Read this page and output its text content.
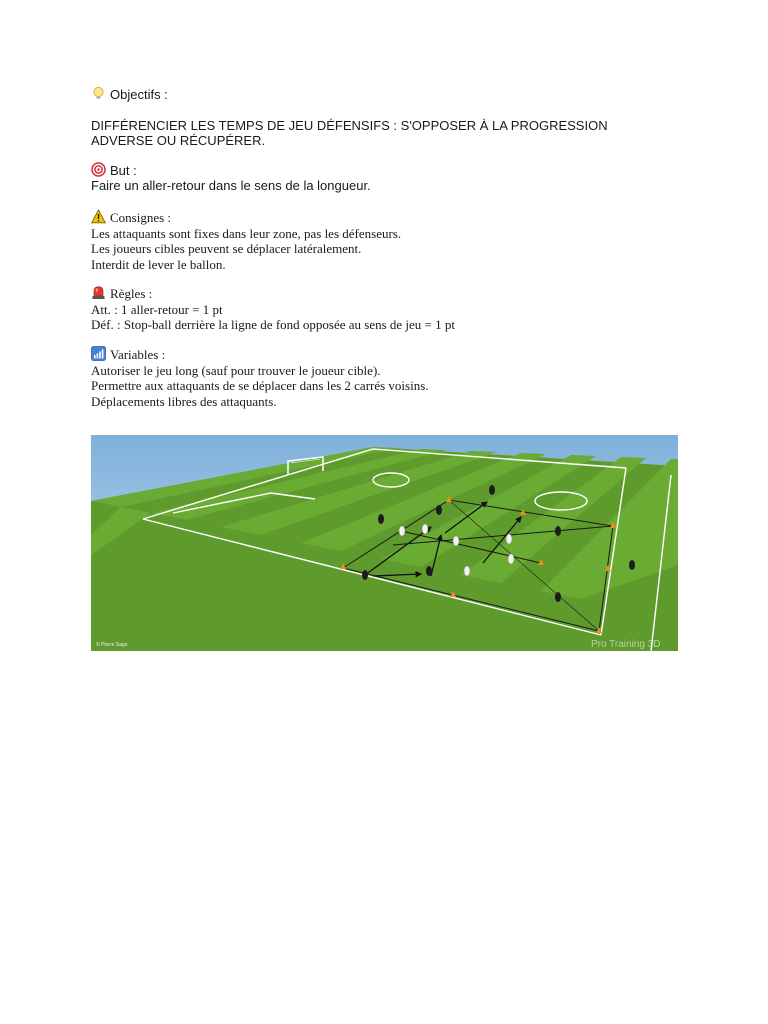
Objectifs :
DIFFÉRENCIER LES TEMPS DE JEU DÉFENSIFS : S'OPPOSER À LA PROGRESSION
ADVERSE OU RÉCUPÉRER.
But :
Faire un aller-retour dans le sens de la longueur.
Consignes :
Les attaquants sont fixes dans leur zone, pas les défenseurs.
Les joueurs cibles peuvent se déplacer latéralement.
Interdit de lever le ballon.
Règles :
Att. : 1 aller-retour = 1 pt
Déf. : Stop-ball derrière la ligne de fond opposée au sens de jeu = 1 pt
Variables :
Autoriser le jeu long (sauf pour trouver le joueur cible).
Permettre aux attaquants de se déplacer dans les 2 carrés voisins.
Déplacements libres des attaquants.
© Pierre Sage	Pro Training 3D
